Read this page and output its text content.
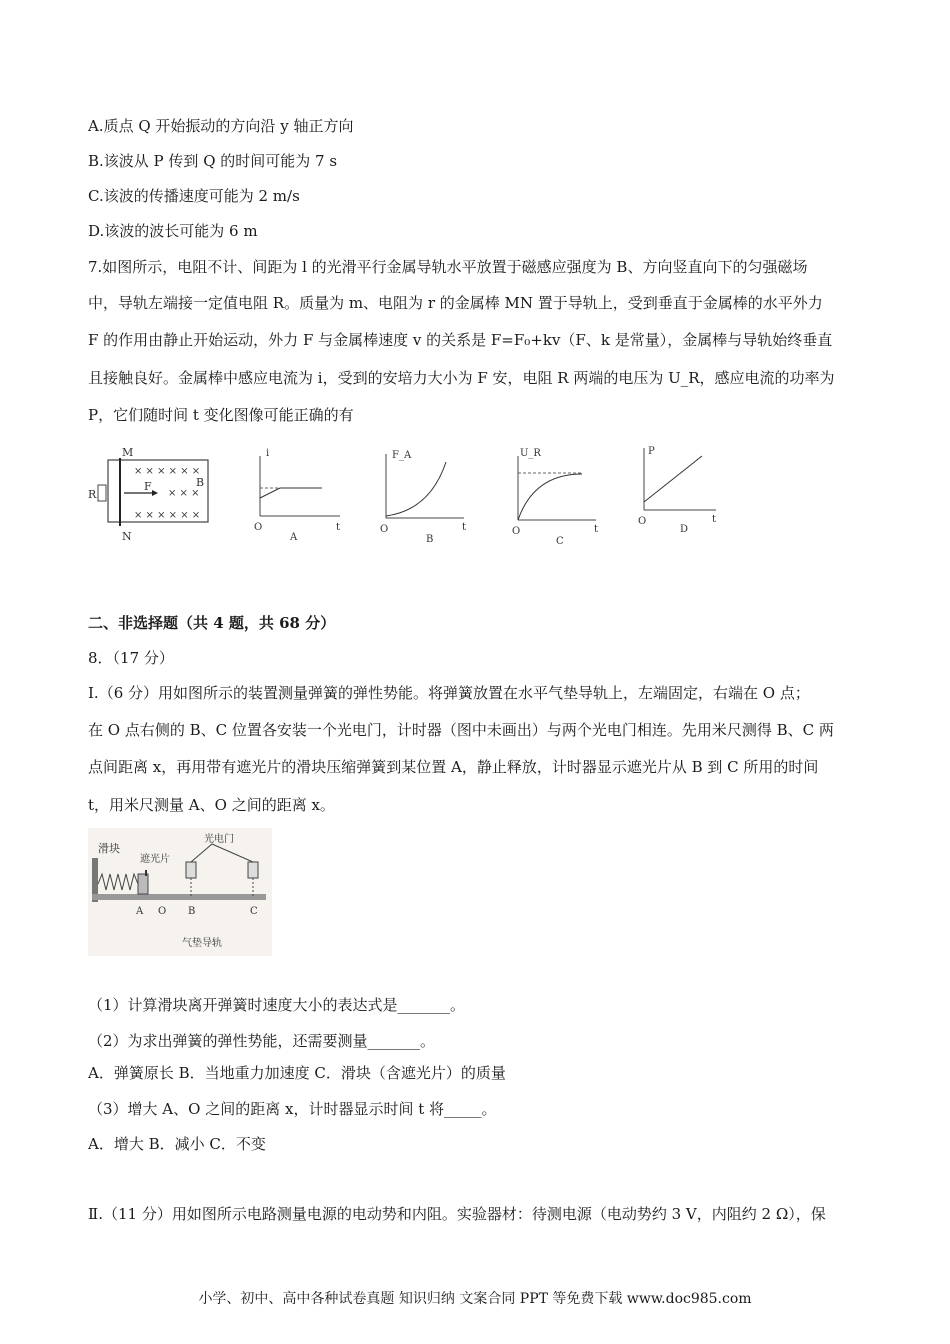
A.质点 Q 开始振动的方向沿 y 轴正方向
B.该波从 P 传到 Q 的时间可能为 7 s
C.该波的传播速度可能为 2 m/s
D.该波的波长可能为 6 m
7.如图所示，电阻不计、间距为 l 的光滑平行金属导轨水平放置于磁感应强度为 B、方向竖直向下的匀强磁场
中，导轨左端接一定值电阻 R。质量为 m、电阻为 r 的金属棒 MN 置于导轨上，受到垂直于金属棒的水平外力
F 的作用由静止开始运动，外力 F 与金属棒速度 v 的关系是 F=F₀+kv（F、k 是常量），金属棒与导轨始终垂直
且接触良好。金属棒中感应电流为 i，受到的安培力大小为 F 安，电阻 R 两端的电压为 U_R，感应电流的功率为
P，它们随时间 t 变化图像可能正确的有
M
N
R
F	B
× × × × × ×
× × ×
× × × × × ×
i
t
O
A
F_A
t
O
B
U_R
t
O
C
P
t
O
D
二、非选择题（共 4 题，共 68 分）
8．（17 分）
Ⅰ.（6 分）用如图所示的装置测量弹簧的弹性势能。将弹簧放置在水平气垫导轨上，左端固定，右端在 O 点；
在 O 点右侧的 B、C 位置各安装一个光电门，计时器（图中未画出）与两个光电门相连。先用米尺测得 B、C 两
点间距离 x，再用带有遮光片的滑块压缩弹簧到某位置 A，静止释放，计时器显示遮光片从 B 到 C 所用的时间
t，用米尺测量 A、O 之间的距离 x。
滑块
遮光片
光电门
气垫导轨
A O B	C
（1）计算滑块离开弹簧时速度大小的表达式是_______。
（2）为求出弹簧的弹性势能，还需要测量_______。
A．弹簧原长 B．当地重力加速度 C．滑块（含遮光片）的质量
（3）增大 A、O 之间的距离 x，计时器显示时间 t 将_____。
A．增大 B．减小 C．不变
Ⅱ.（11 分）用如图所示电路测量电源的电动势和内阻。实验器材：待测电源（电动势约 3 V，内阻约 2 Ω），保
小学、初中、高中各种试卷真题 知识归纳 文案合同 PPT 等免费下载 www.doc985.com
